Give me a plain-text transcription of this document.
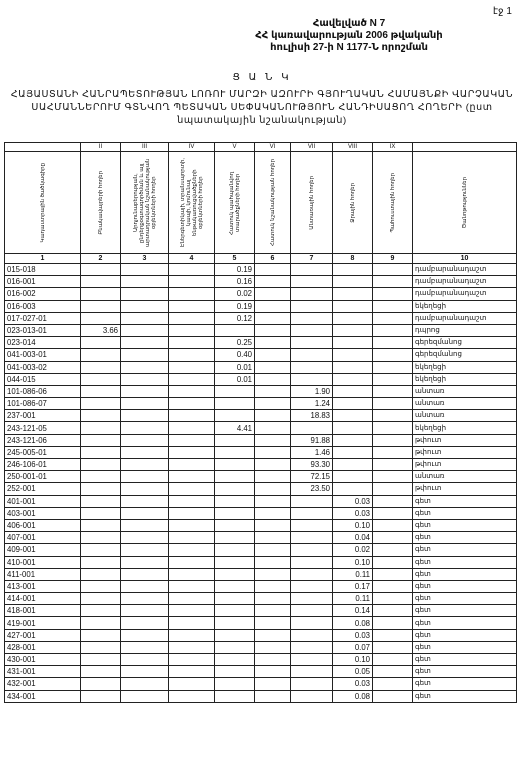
էջ 1
Հավելված N 7
ՀՀ կառավարության 2006 թվականի
հուլիսի 27-ի N 1177-Ն որոշման
Ց Ա Ն Կ
ՀԱՅԱՍՏԱՆԻ ՀԱՆՐԱՊԵՏՈՒԹՅԱՆ ԼՈՌՈՒ ՄԱՐԶԻ ԱԶՈՒՐԻ ԳՅՈՒՂԱԿԱՆ ՀԱՄԱՅՆՔԻ ՎԱՐՉԱԿԱՆ
ՍԱՀՄԱՆՆԵՐՈՒՄ ԳՏՆՎՈՂ ՊԵՏԱԿԱՆ ՍԵՓԱԿԱՆՈՒԹՅՈՒՆ ՀԱՆԴԻՍԱՑՈՂ ՀՈՂԵՐԻ (ըստ
նպատակային նշանակության)
	II	III	IV	V	VI	VII	VIII	IX	

Կադաստրային ծածկագիրը	Բնակավայրերի հողեր	Արդյունաբերության, ընդերքօգտագործման և այլ արտադրական նշանակության օբյեկտների հողեր	Էներգետիկայի, տրանսպորտի, կապի, կոմունալ ենթակառուցվածքների օբյեկտների հողեր	Հատուկ պահպանվող տարածքների հողեր	Հատուկ նշանակության հողեր	Անտառային հողեր	Ջրային հողեր	Պահուստային հողեր	Ծանոթություններ

1	2	3	4	5	6	7	8	9	10
015-018				0.19					դամբարանադաշտ
016-001				0.16					դամբարանադաշտ
016-002				0.02					դամբարանադաշտ
016-003				0.19					եկեղեցի
017-027-01				0.12					դամբարանադաշտ
023-013-01	3.66								դպրոց
023-014				0.25					գերեզմանոց
041-003-01				0.40					գերեզմանոց
041-003-02				0.01					եկեղեցի
044-015				0.01					եկեղեցի
101-086-06						1.90			անտառ
101-086-07						1.24			անտառ
237-001						18.83			անտառ
243-121-05				4.41					եկեղեցի
243-121-06						91.88			թփուտ
245-005-01						1.46			թփուտ
246-106-01						93.30			թփուտ
250-001-01						72.15			անտառ
252-001						23.50			թփուտ
401-001							0.03		գետ
403-001							0.03		գետ
406-001							0.10		գետ
407-001							0.04		գետ
409-001							0.02		գետ
410-001							0.10		գետ
411-001							0.11		գետ
413-001							0.17		գետ
414-001							0.11		գետ
418-001							0.14		գետ
419-001							0.08		գետ
427-001							0.03		գետ
428-001							0.07		գետ
430-001							0.10		գետ
431-001							0.05		գետ
432-001							0.03		գետ
434-001							0.08		գետ
